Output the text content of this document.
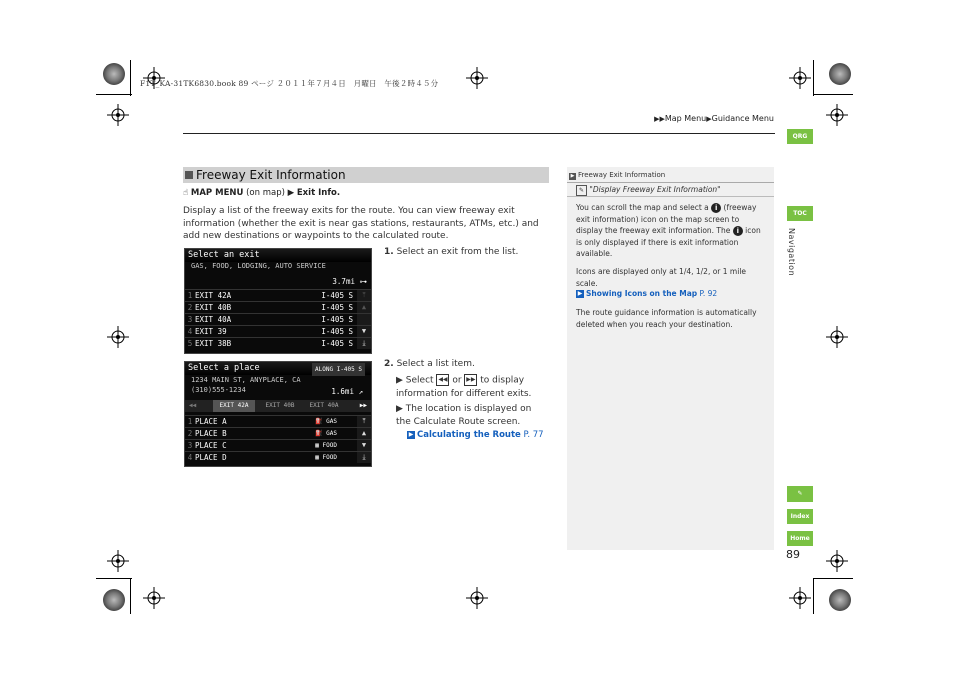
F1T_KA-31TK6830.book 89 ページ ２０１１年７月４日　月曜日　午後２時４５分
▶▶Map Menu▶Guidance Menu
QRG
TOC
Navigation
✎
Index
Home
89
Freeway Exit Information
☝ MAP MENU (on map) ▶ Exit Info.
Display a list of the freeway exits for the route. You can view freeway exit information (whether the exit is near gas stations, restaurants, ATMs, etc.) and add new destinations or waypoints to the calculated route.
Select an exit
GAS, FOOD, LODGING, AUTO SERVICE
3.7mi ⊶
1 EXIT 42A	I-405 S
2 EXIT 40B	I-405 S
3 EXIT 40A	I-405 S
4 EXIT 39	I-405 S
5 EXIT 38B	I-405 S
⤒
▲
▼
⤓
Select a place	ALONG I-405 S
1234 MAIN ST, ANYPLACE, CA
(310)555-1234	1.6mi ↗
◀◀	EXIT 42A	EXIT 40B	EXIT 40A	▶▶
1 PLACE A	⛽ GAS
2 PLACE B	⛽ GAS
3 PLACE C	▦ FOOD
4 PLACE D	▦ FOOD
⤒
▲
▼
⤓
1. Select an exit from the list.
2. Select a list item.
▶ Select ◀◀ or ▶▶ to display information for different exits.
▶ The location is displayed on the Calculate Route screen.
▶ Calculating the Route P. 77
▶ Freeway Exit Information
✎ "Display Freeway Exit Information"
You can scroll the map and select a i (freeway exit information) icon on the map screen to display the freeway exit information. The i icon is only displayed if there is exit information available.
Icons are displayed only at 1/4, 1/2, or 1 mile scale.
▶ Showing Icons on the Map P. 92
The route guidance information is automatically deleted when you reach your destination.
